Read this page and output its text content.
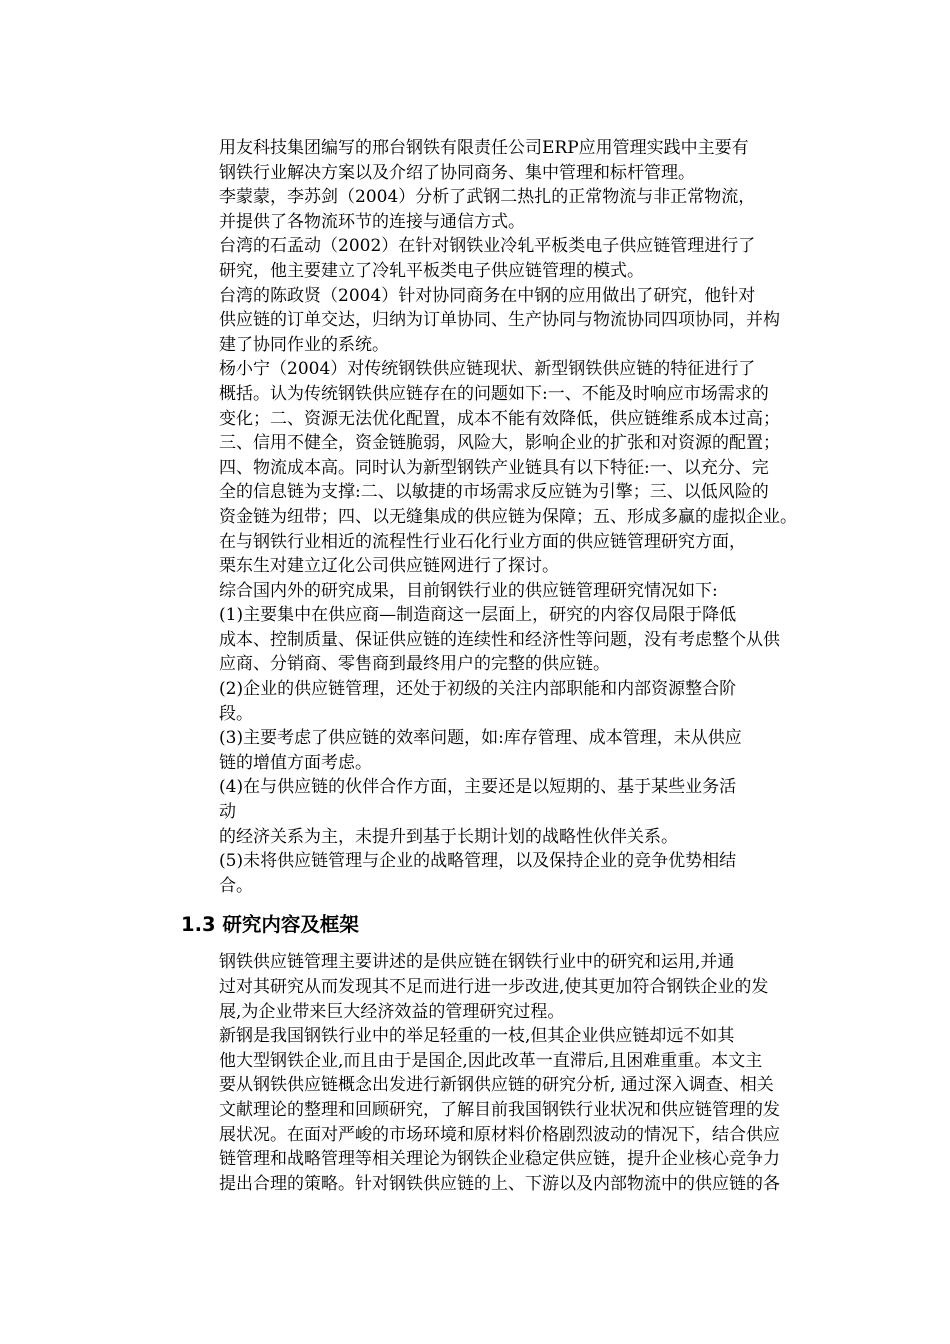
用友科技集团编写的邢台钢铁有限责任公司ERP应用管理实践中主要有
钢铁行业解决方案以及介绍了协同商务、集中管理和标杆管理。

李蒙蒙，李苏剑（2004）分析了武钢二热扎的正常物流与非正常物流，
并提供了各物流环节的连接与通信方式。

台湾的石孟动（2002）在针对钢铁业冷轧平板类电子供应链管理进行了
研究，他主要建立了冷轧平板类电子供应链管理的模式。

台湾的陈政贤（2004）针对协同商务在中钢的应用做出了研究，他针对
供应链的订单交达，归纳为订单协同、生产协同与物流协同四项协同，并构
建了协同作业的系统。

杨小宁（2004）对传统钢铁供应链现状、新型钢铁供应链的特征进行了
概括。认为传统钢铁供应链存在的问题如下:一、不能及时响应市场需求的
变化；二、资源无法优化配置，成本不能有效降低，供应链维系成本过高；
三、信用不健全，资金链脆弱，风险大，影响企业的扩张和对资源的配置；
四、物流成本高。同时认为新型钢铁产业链具有以下特征:一、以充分、完
全的信息链为支撑:二、以敏捷的市场需求反应链为引擎；三、以低风险的
资金链为纽带；四、以无缝集成的供应链为保障；五、形成多赢的虚拟企业。

在与钢铁行业相近的流程性行业石化行业方面的供应链管理研究方面，
栗东生对建立辽化公司供应链网进行了探讨。

综合国内外的研究成果，目前钢铁行业的供应链管理研究情况如下:

(1)主要集中在供应商—制造商这一层面上，研究的内容仅局限于降低
成本、控制质量、保证供应链的连续性和经济性等问题，没有考虑整个从供
应商、分销商、零售商到最终用户的完整的供应链。

(2)企业的供应链管理，还处于初级的关注内部职能和内部资源整合阶
段。

(3)主要考虑了供应链的效率问题，如:库存管理、成本管理，未从供应
链的增值方面考虑。

(4)在与供应链的伙伴合作方面，主要还是以短期的、基于某些业务活
动
的经济关系为主，未提升到基于长期计划的战略性伙伴关系。

(5)未将供应链管理与企业的战略管理，以及保持企业的竞争优势相结
合。

1.3 研究内容及框架

钢铁供应链管理主要讲述的是供应链在钢铁行业中的研究和运用,并通
过对其研究从而发现其不足而进行进一步改进,使其更加符合钢铁企业的发
展,为企业带来巨大经济效益的管理研究过程。

新钢是我国钢铁行业中的举足轻重的一枝,但其企业供应链却远不如其
他大型钢铁企业,而且由于是国企,因此改革一直滞后,且困难重重。本文主
要从钢铁供应链概念出发进行新钢供应链的研究分析, 通过深入调查、相关
文献理论的整理和回顾研究，了解目前我国钢铁行业状况和供应链管理的发
展状况。在面对严峻的市场环境和原材料价格剧烈波动的情况下，结合供应
链管理和战略管理等相关理论为钢铁企业稳定供应链，提升企业核心竞争力
提出合理的策略。针对钢铁供应链的上、下游以及内部物流中的供应链的各
